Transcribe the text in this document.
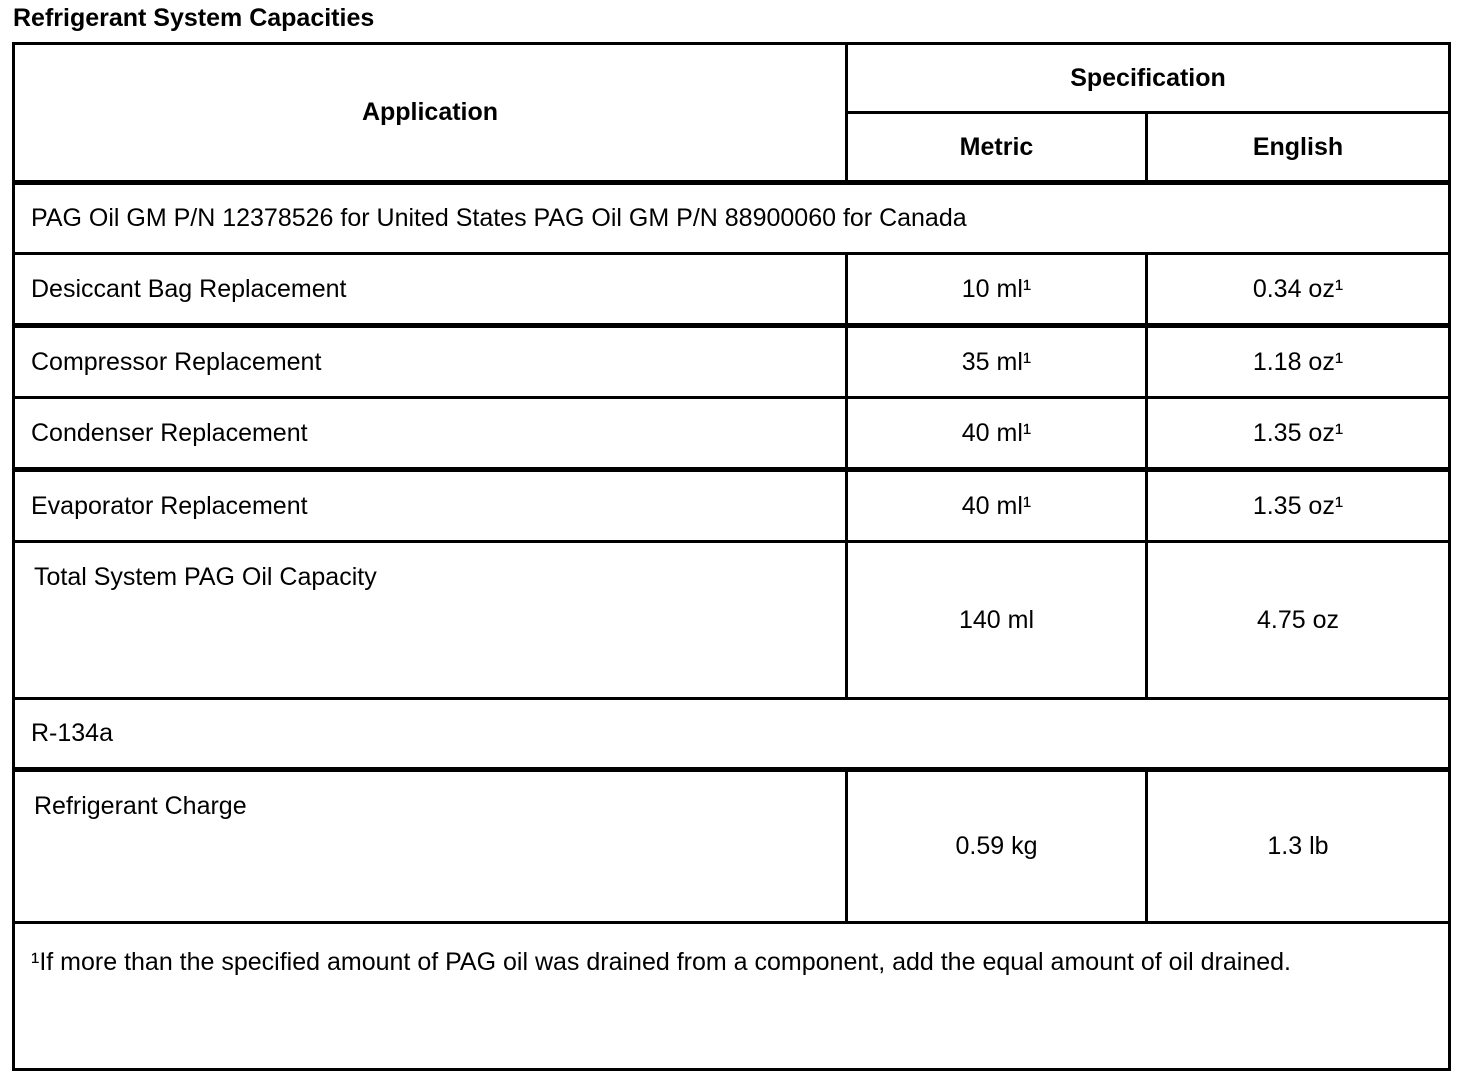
Refrigerant System Capacities
Application	Specification	
	Metric	English
PAG Oil GM P/N 12378526 for United States PAG Oil GM P/N 88900060 for Canada		
Desiccant Bag Replacement	10 ml¹	0.34 oz¹
Compressor Replacement	35 ml¹	1.18 oz¹
Condenser Replacement	40 ml¹	1.35 oz¹
Evaporator Replacement	40 ml¹	1.35 oz¹
Total System PAG Oil Capacity	140 ml	4.75 oz
R-134a		
Refrigerant Charge	0.59 kg	1.3 lb
¹If more than the specified amount of PAG oil was drained from a component, add the equal amount of oil drained.		
